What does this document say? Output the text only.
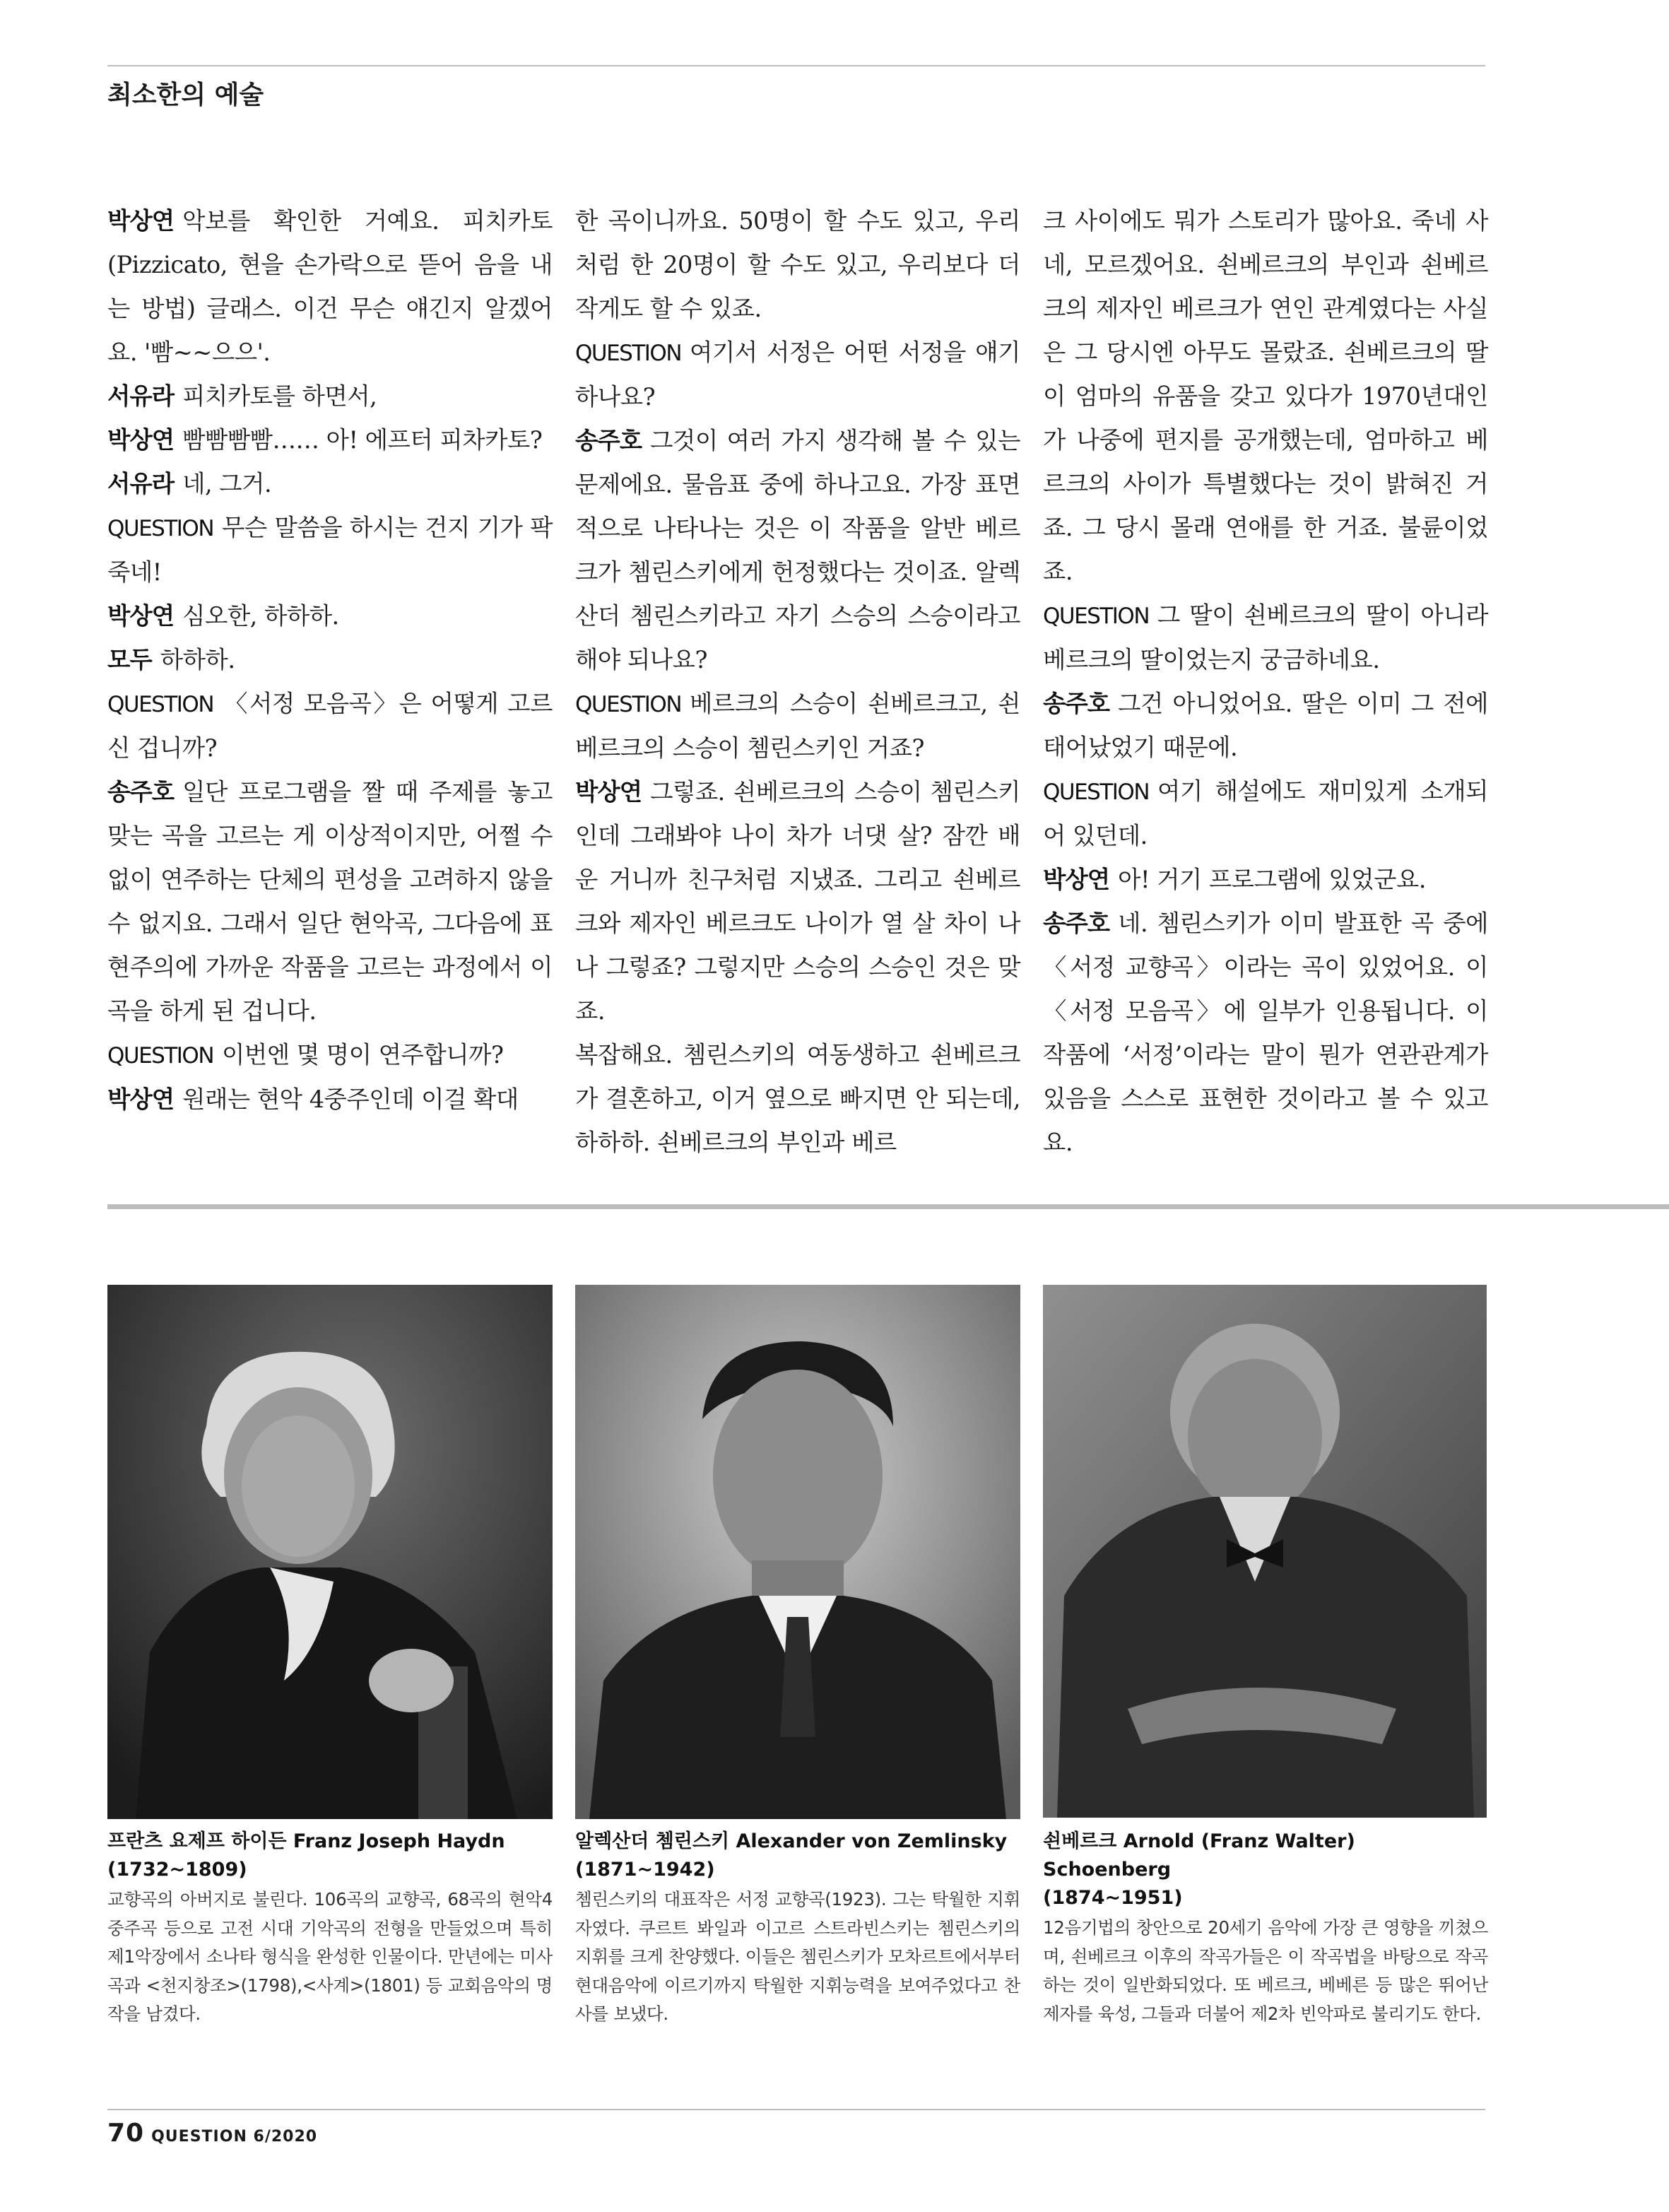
최소한의 예술

박상연 악보를 확인한 거예요. 피치카토(Pizzicato, 현을 손가락으로 뜯어 음을 내는 방법) 글래스. 이건 무슨 얘긴지 알겠어요. '빰~~으으'.

서유라 피치카토를 하면서,

박상연 빰빰빰빰…… 아! 에프터 피차카토?

서유라 네, 그거.

QUESTION 무슨 말씀을 하시는 건지 기가 팍 죽네!

박상연 심오한, 하하하.

모두 하하하.

QUESTION 〈서정 모음곡〉은 어떻게 고르신 겁니까?

송주호 일단 프로그램을 짤 때 주제를 놓고 맞는 곡을 고르는 게 이상적이지만, 어쩔 수 없이 연주하는 단체의 편성을 고려하지 않을 수 없지요. 그래서 일단 현악곡, 그다음에 표현주의에 가까운 작품을 고르는 과정에서 이 곡을 하게 된 겁니다.

QUESTION 이번엔 몇 명이 연주합니까?

박상연 원래는 현악 4중주인데 이걸 확대

한 곡이니까요. 50명이 할 수도 있고, 우리처럼 한 20명이 할 수도 있고, 우리보다 더 작게도 할 수 있죠.

QUESTION 여기서 서정은 어떤 서정을 얘기하나요?

송주호 그것이 여러 가지 생각해 볼 수 있는 문제에요. 물음표 중에 하나고요. 가장 표면적으로 나타나는 것은 이 작품을 알반 베르크가 쳄린스키에게 헌정했다는 것이죠. 알렉산더 쳄린스키라고 자기 스승의 스승이라고 해야 되나요?

QUESTION 베르크의 스승이 쇤베르크고, 쇤베르크의 스승이 쳄린스키인 거죠?

박상연 그렇죠. 쇤베르크의 스승이 쳄린스키인데 그래봐야 나이 차가 너댓 살? 잠깐 배운 거니까 친구처럼 지냈죠. 그리고 쇤베르크와 제자인 베르크도 나이가 열 살 차이 나나 그렇죠? 그렇지만 스승의 스승인 것은 맞죠.

복잡해요. 쳄린스키의 여동생하고 쇤베르크가 결혼하고, 이거 옆으로 빠지면 안 되는데, 하하하. 쇤베르크의 부인과 베르

크 사이에도 뭐가 스토리가 많아요. 죽네 사네, 모르겠어요. 쇤베르크의 부인과 쇤베르크의 제자인 베르크가 연인 관계였다는 사실은 그 당시엔 아무도 몰랐죠. 쇤베르크의 딸이 엄마의 유품을 갖고 있다가 1970년대인가 나중에 편지를 공개했는데, 엄마하고 베르크의 사이가 특별했다는 것이 밝혀진 거죠. 그 당시 몰래 연애를 한 거죠. 불륜이었죠.

QUESTION 그 딸이 쇤베르크의 딸이 아니라 베르크의 딸이었는지 궁금하네요.

송주호 그건 아니었어요. 딸은 이미 그 전에 태어났었기 때문에.

QUESTION 여기 해설에도 재미있게 소개되어 있던데.

박상연 아! 거기 프로그램에 있었군요.

송주호 네. 쳄린스키가 이미 발표한 곡 중에 〈서정 교향곡〉이라는 곡이 있었어요. 이 〈서정 모음곡〉에 일부가 인용됩니다. 이 작품에 ‘서정’이라는 말이 뭔가 연관관계가 있음을 스스로 표현한 것이라고 볼 수 있고요.

프란츠 요제프 하이든 Franz Joseph Haydn

(1732~1809)

교향곡의 아버지로 불린다. 106곡의 교향곡, 68곡의 현악4중주곡 등으로 고전 시대 기악곡의 전형을 만들었으며 특히 제1악장에서 소나타 형식을 완성한 인물이다. 만년에는 미사곡과 <천지창조>(1798),<사계>(1801) 등 교회음악의 명작을 남겼다.

알렉산더 쳄린스키 Alexander von Zemlinsky

(1871~1942)

쳄린스키의 대표작은 서정 교향곡(1923). 그는 탁월한 지휘자였다. 쿠르트 봐일과 이고르 스트라빈스키는 쳄린스키의 지휘를 크게 찬양했다. 이들은 쳄린스키가 모차르트에서부터 현대음악에 이르기까지 탁월한 지휘능력을 보여주었다고 찬사를 보냈다.

쇤베르크 Arnold (Franz Walter) Schoenberg

(1874~1951)

12음기법의 창안으로 20세기 음악에 가장 큰 영향을 끼쳤으며, 쇤베르크 이후의 작곡가들은 이 작곡법을 바탕으로 작곡하는 것이 일반화되었다. 또 베르크, 베베른 등 많은 뛰어난 제자를 육성, 그들과 더불어 제2차 빈악파로 불리기도 한다.

70 QUESTION 6/2020
